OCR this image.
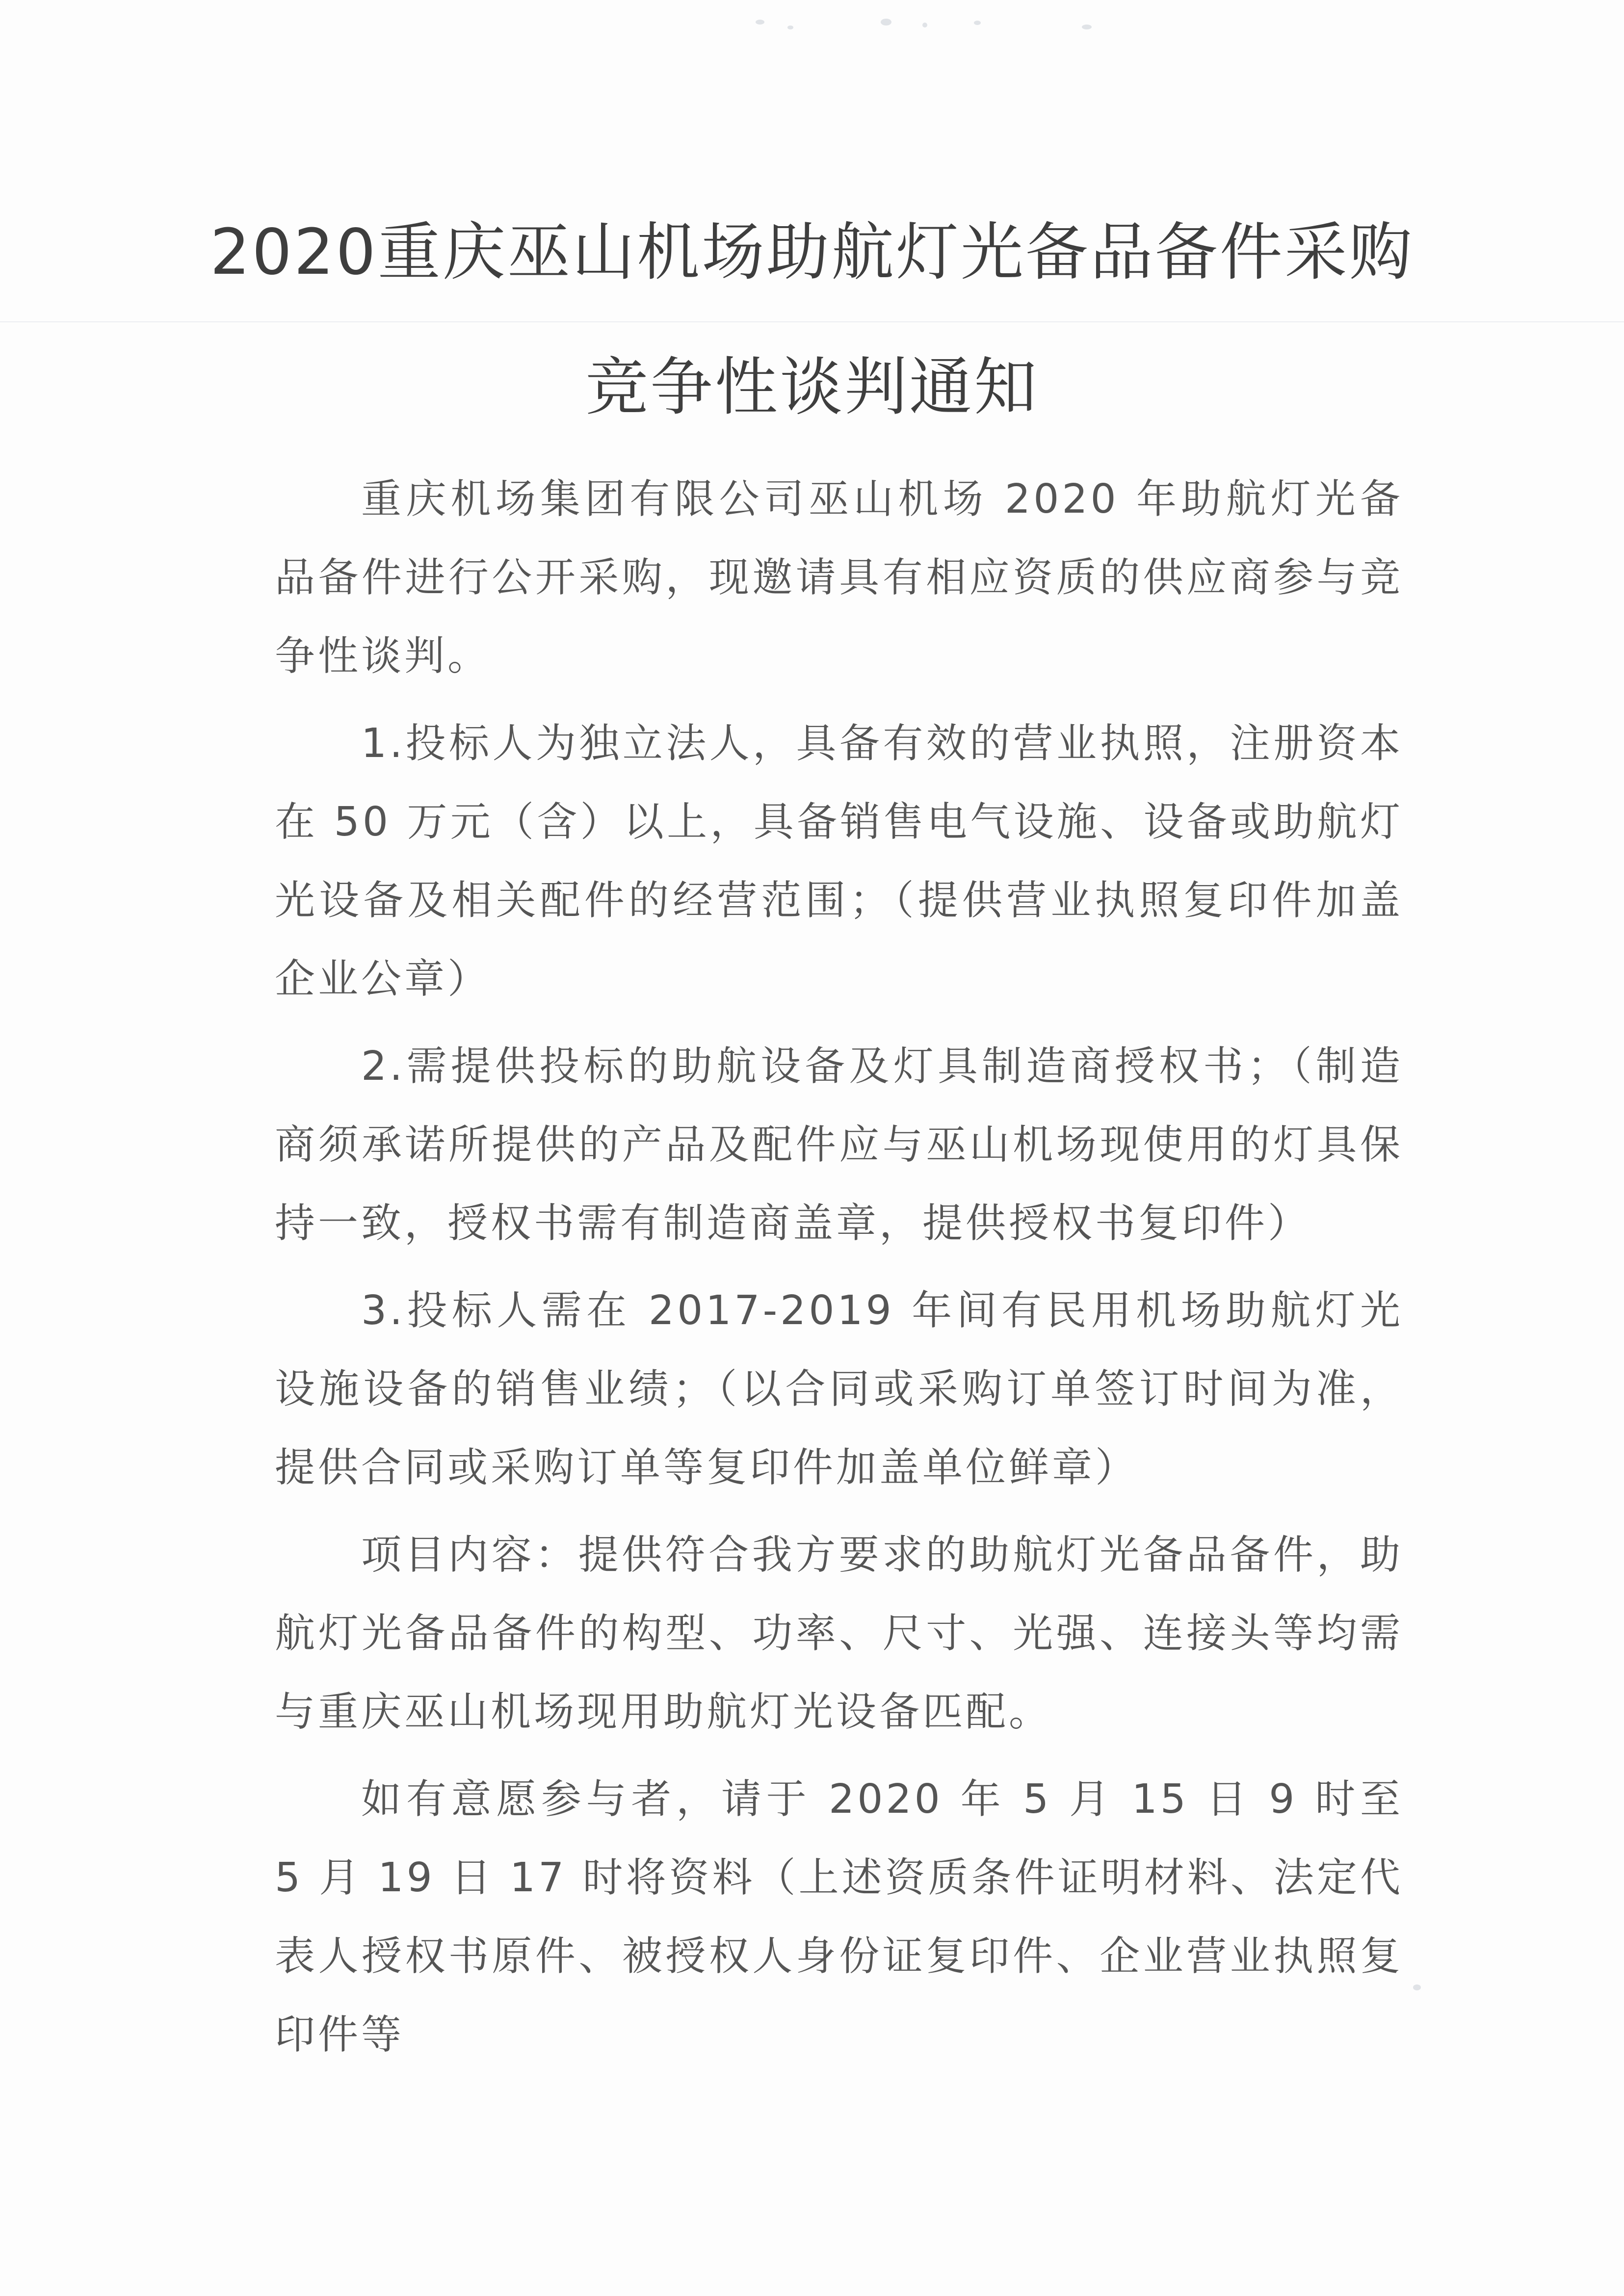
2020重庆巫山机场助航灯光备品备件采购
竞争性谈判通知

重庆机场集团有限公司巫山机场 2020 年助航灯光备品备件进行公开采购，现邀请具有相应资质的供应商参与竞争性谈判。

1.投标人为独立法人，具备有效的营业执照，注册资本在 50 万元（含）以上，具备销售电气设施、设备或助航灯光设备及相关配件的经营范围；（提供营业执照复印件加盖企业公章）

2.需提供投标的助航设备及灯具制造商授权书；（制造商须承诺所提供的产品及配件应与巫山机场现使用的灯具保持一致，授权书需有制造商盖章，提供授权书复印件）

3.投标人需在 2017-2019 年间有民用机场助航灯光设施设备的销售业绩；（以合同或采购订单签订时间为准，提供合同或采购订单等复印件加盖单位鲜章）

项目内容：提供符合我方要求的助航灯光备品备件，助航灯光备品备件的构型、功率、尺寸、光强、连接头等均需与重庆巫山机场现用助航灯光设备匹配。

如有意愿参与者，请于 2020 年 5 月 15 日 9 时至 5 月 19 日 17 时将资料（上述资质条件证明材料、法定代表人授权书原件、被授权人身份证复印件、企业营业执照复印件等
